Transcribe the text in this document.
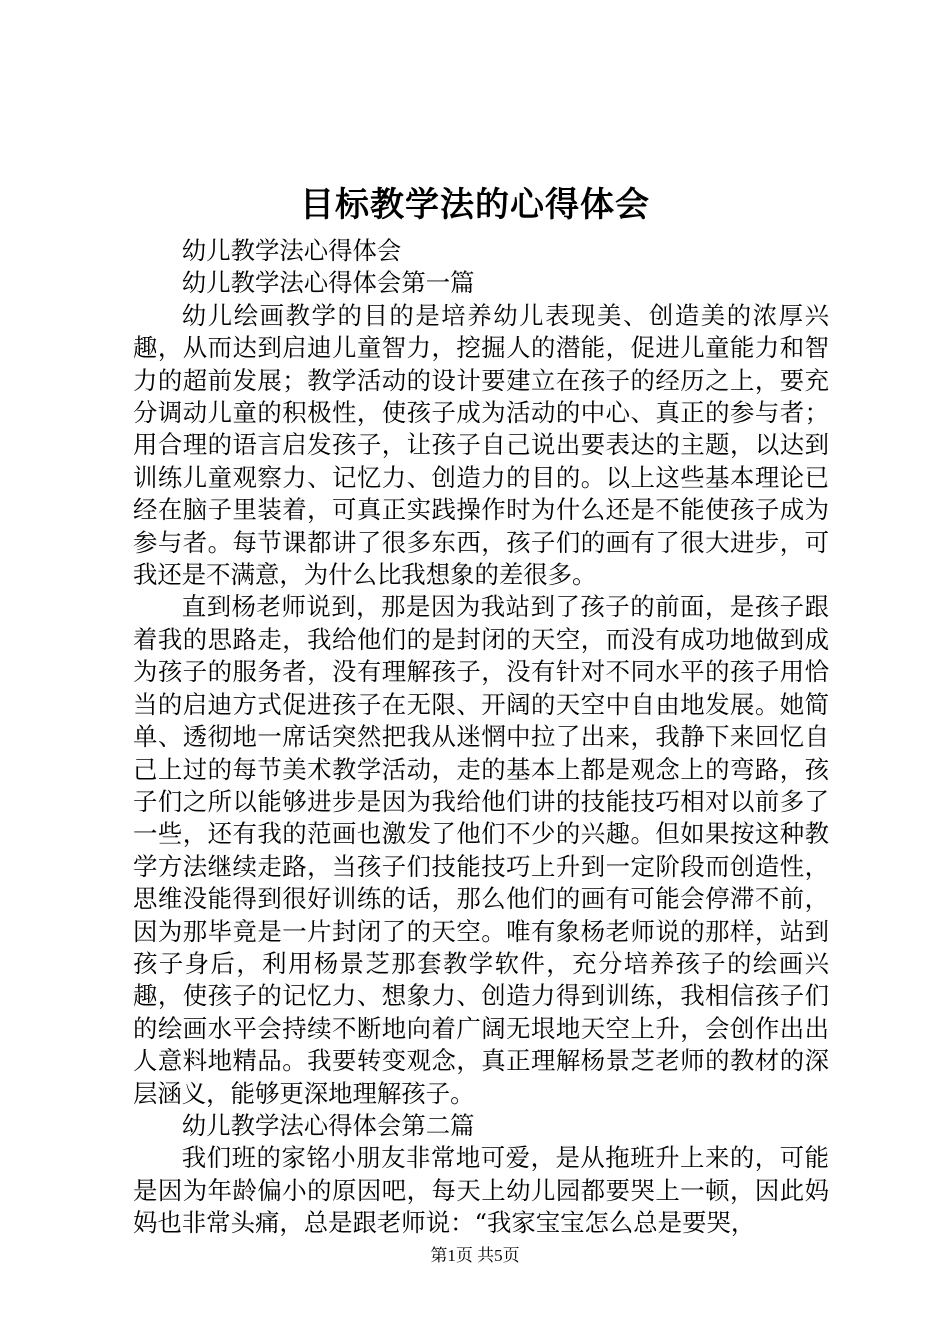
目标教学法的心得体会

幼儿教学法心得体会

幼儿教学法心得体会第一篇

幼儿绘画教学的目的是培养幼儿表现美、创造美的浓厚兴趣，从而达到启迪儿童智力，挖掘人的潜能，促进儿童能力和智力的超前发展；教学活动的设计要建立在孩子的经历之上，要充分调动儿童的积极性，使孩子成为活动的中心、真正的参与者；用合理的语言启发孩子，让孩子自己说出要表达的主题，以达到训练儿童观察力、记忆力、创造力的目的。以上这些基本理论已经在脑子里装着，可真正实践操作时为什么还是不能使孩子成为参与者。每节课都讲了很多东西，孩子们的画有了很大进步，可我还是不满意，为什么比我想象的差很多。

直到杨老师说到，那是因为我站到了孩子的前面，是孩子跟着我的思路走，我给他们的是封闭的天空，而没有成功地做到成为孩子的服务者，没有理解孩子，没有针对不同水平的孩子用恰当的启迪方式促进孩子在无限、开阔的天空中自由地发展。她简单、透彻地一席话突然把我从迷惘中拉了出来，我静下来回忆自己上过的每节美术教学活动，走的基本上都是观念上的弯路，孩子们之所以能够进步是因为我给他们讲的技能技巧相对以前多了一些，还有我的范画也激发了他们不少的兴趣。但如果按这种教学方法继续走路，当孩子们技能技巧上升到一定阶段而创造性，思维没能得到很好训练的话，那么他们的画有可能会停滞不前，因为那毕竟是一片封闭了的天空。唯有象杨老师说的那样，站到孩子身后，利用杨景芝那套教学软件，充分培养孩子的绘画兴趣，使孩子的记忆力、想象力、创造力得到训练，我相信孩子们的绘画水平会持续不断地向着广阔无垠地天空上升，会创作出出人意料地精品。我要转变观念，真正理解杨景芝老师的教材的深层涵义，能够更深地理解孩子。

幼儿教学法心得体会第二篇

我们班的家铭小朋友非常地可爱，是从拖班升上来的，可能是因为年龄偏小的原因吧，每天上幼儿园都要哭上一顿，因此妈妈也非常头痛，总是跟老师说：“我家宝宝怎么总是要哭，

第1页 共5页
